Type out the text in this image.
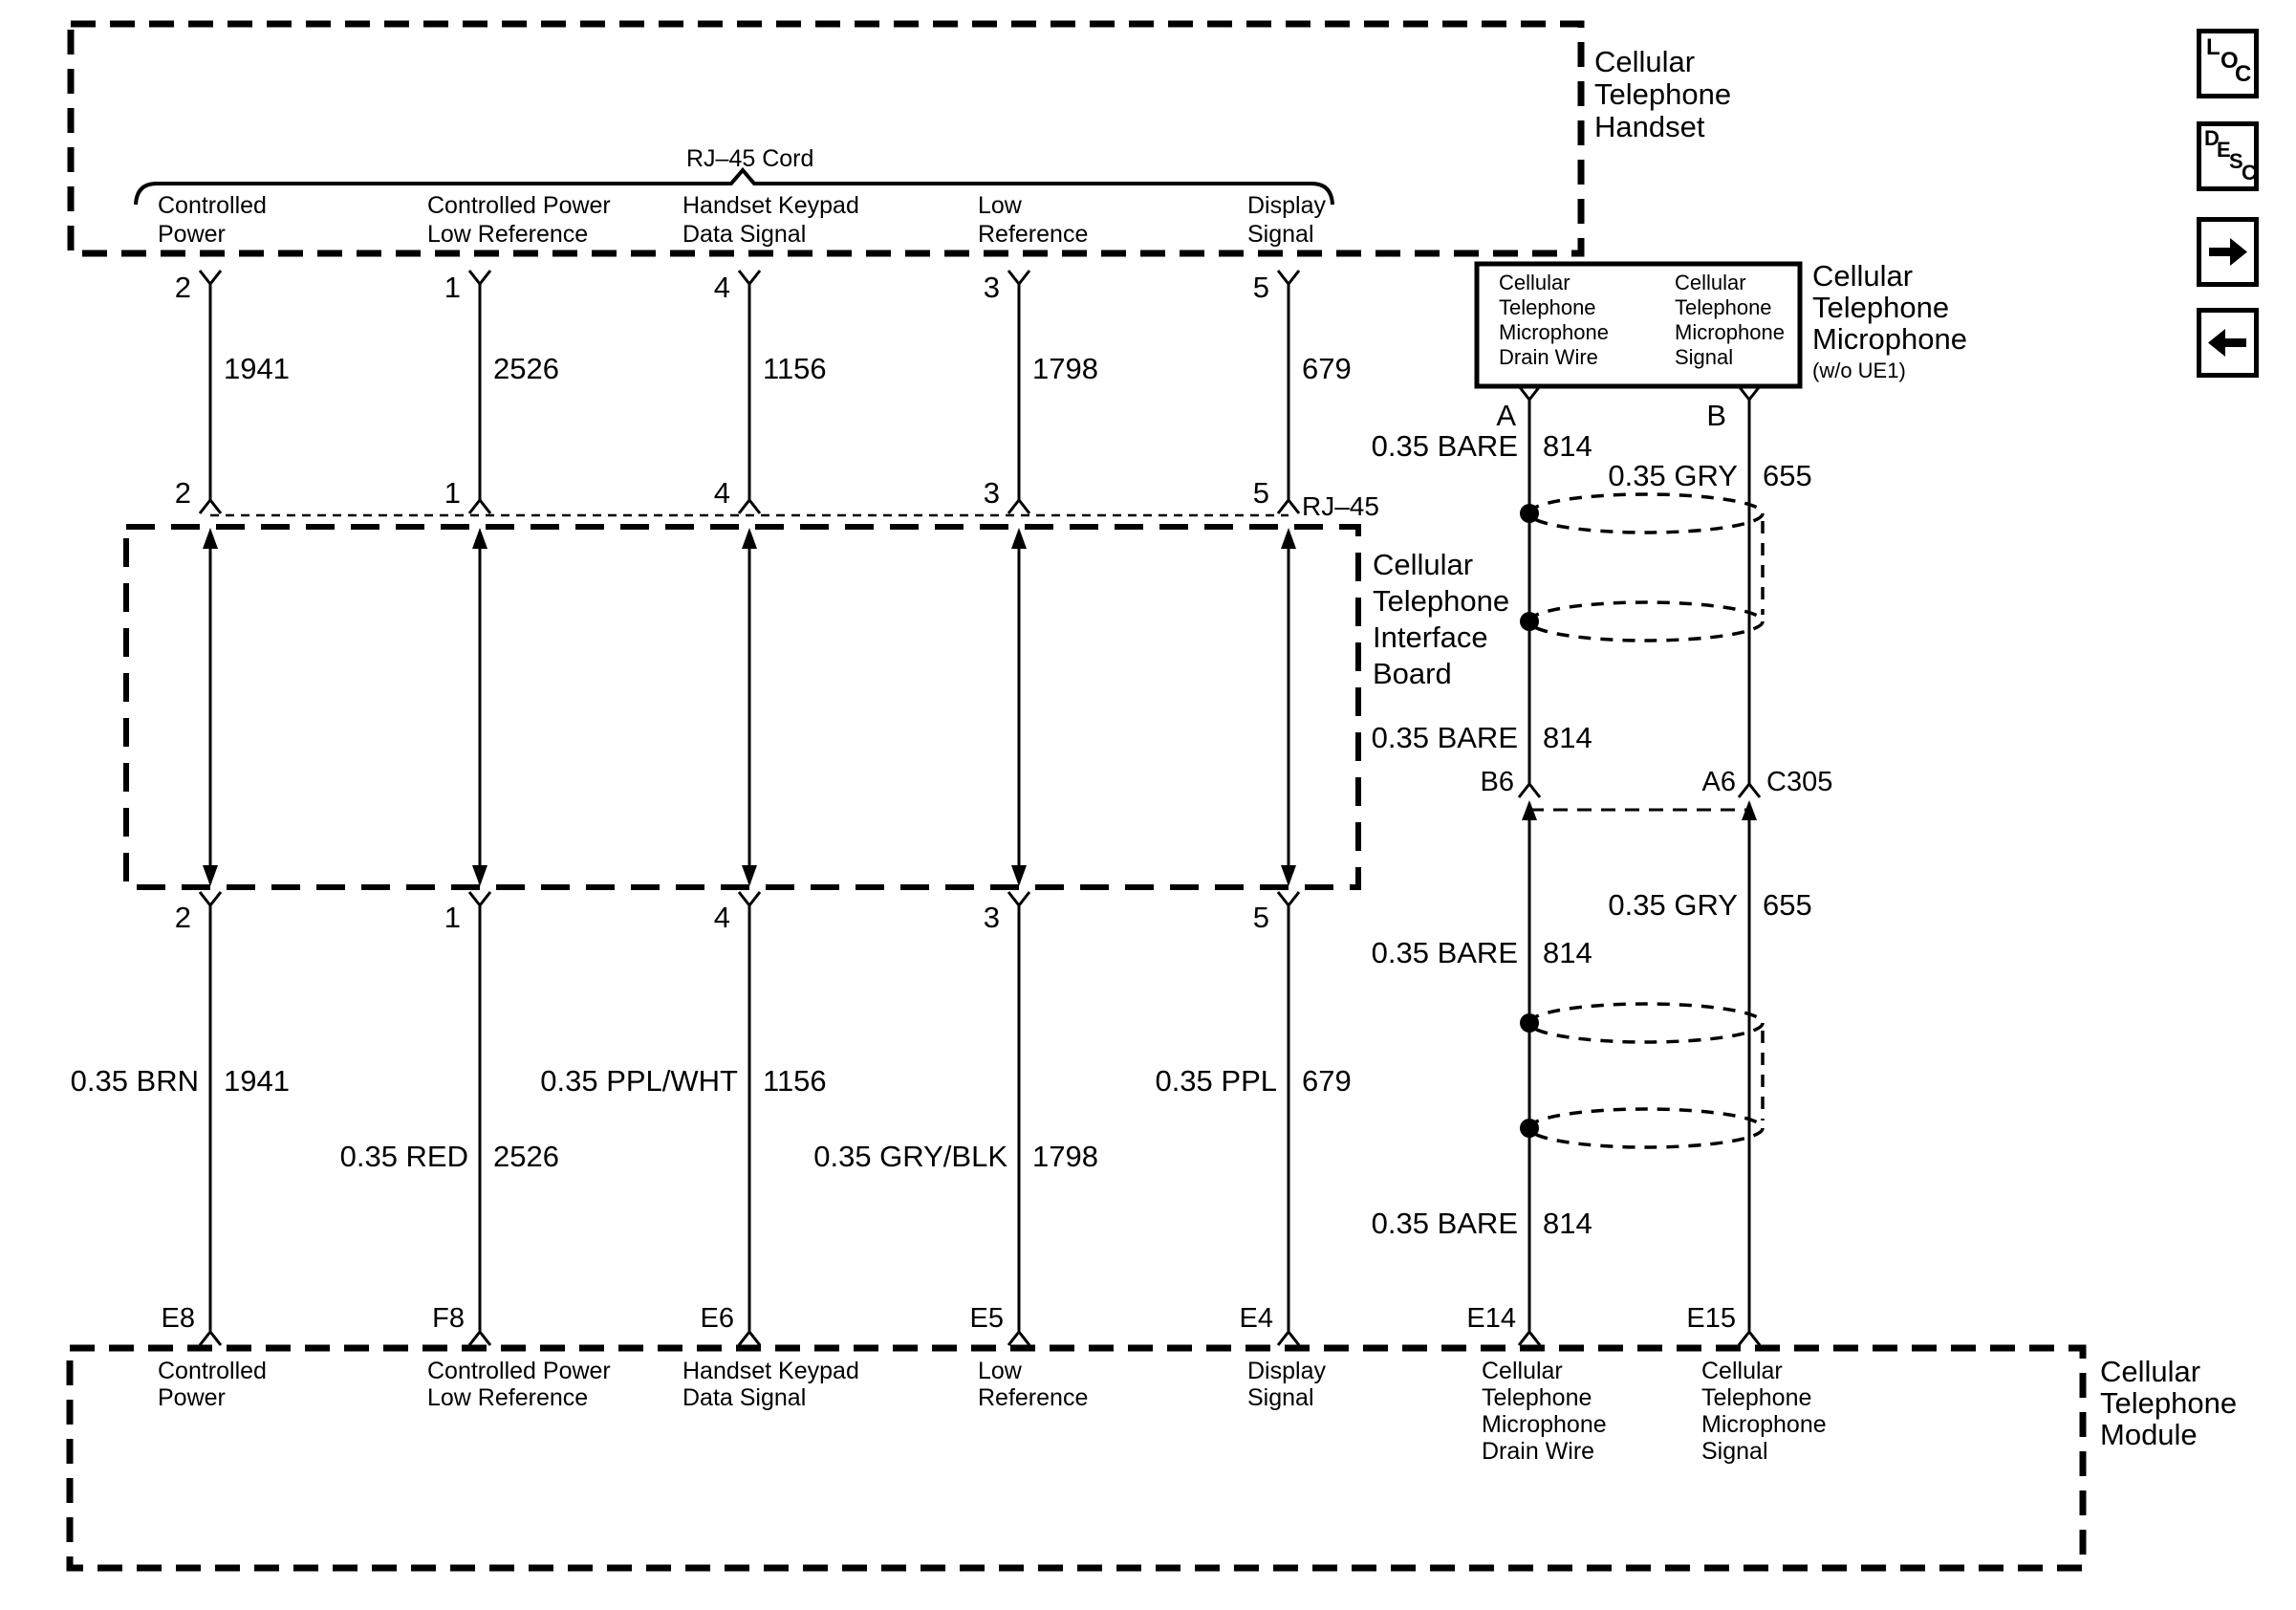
Cellular
Telephone
Handset
Cellular
Telephone
Interface
Board
Cellular
Telephone
Microphone
(w/o UE1)
Cellular
Telephone
Module
RJ–45 Cord
RJ–45
Controlled
Power
Controlled Power
Low Reference
Handset Keypad
Data Signal
Low
Reference
Display
Signal
2	1	4	3	5
1941	2526	1156	1798	679
2	1	4	3	5
2	1	4	3	5
0.35 BRN 1941
0.35 RED 2526
0.35 PPL/WHT 1156
0.35 GRY/BLK 1798
0.35 PPL 679
E8	F8	E6	E5	E4	E14	E15
Controlled
Power
Controlled Power
Low Reference
Handset Keypad
Data Signal
Low
Reference
Display
Signal
Cellular
Telephone
Microphone
Drain Wire
Cellular
Telephone
Microphone
Signal
Cellular
Telephone
Microphone
Drain Wire
Cellular
Telephone
Microphone
Signal
A	B
0.35 BARE 814
0.35 GRY 655
0.35 BARE 814
B6	A6 C305
0.35 GRY 655
0.35 BARE 814
0.35 BARE 814
L
O
C
D
E
S
C
